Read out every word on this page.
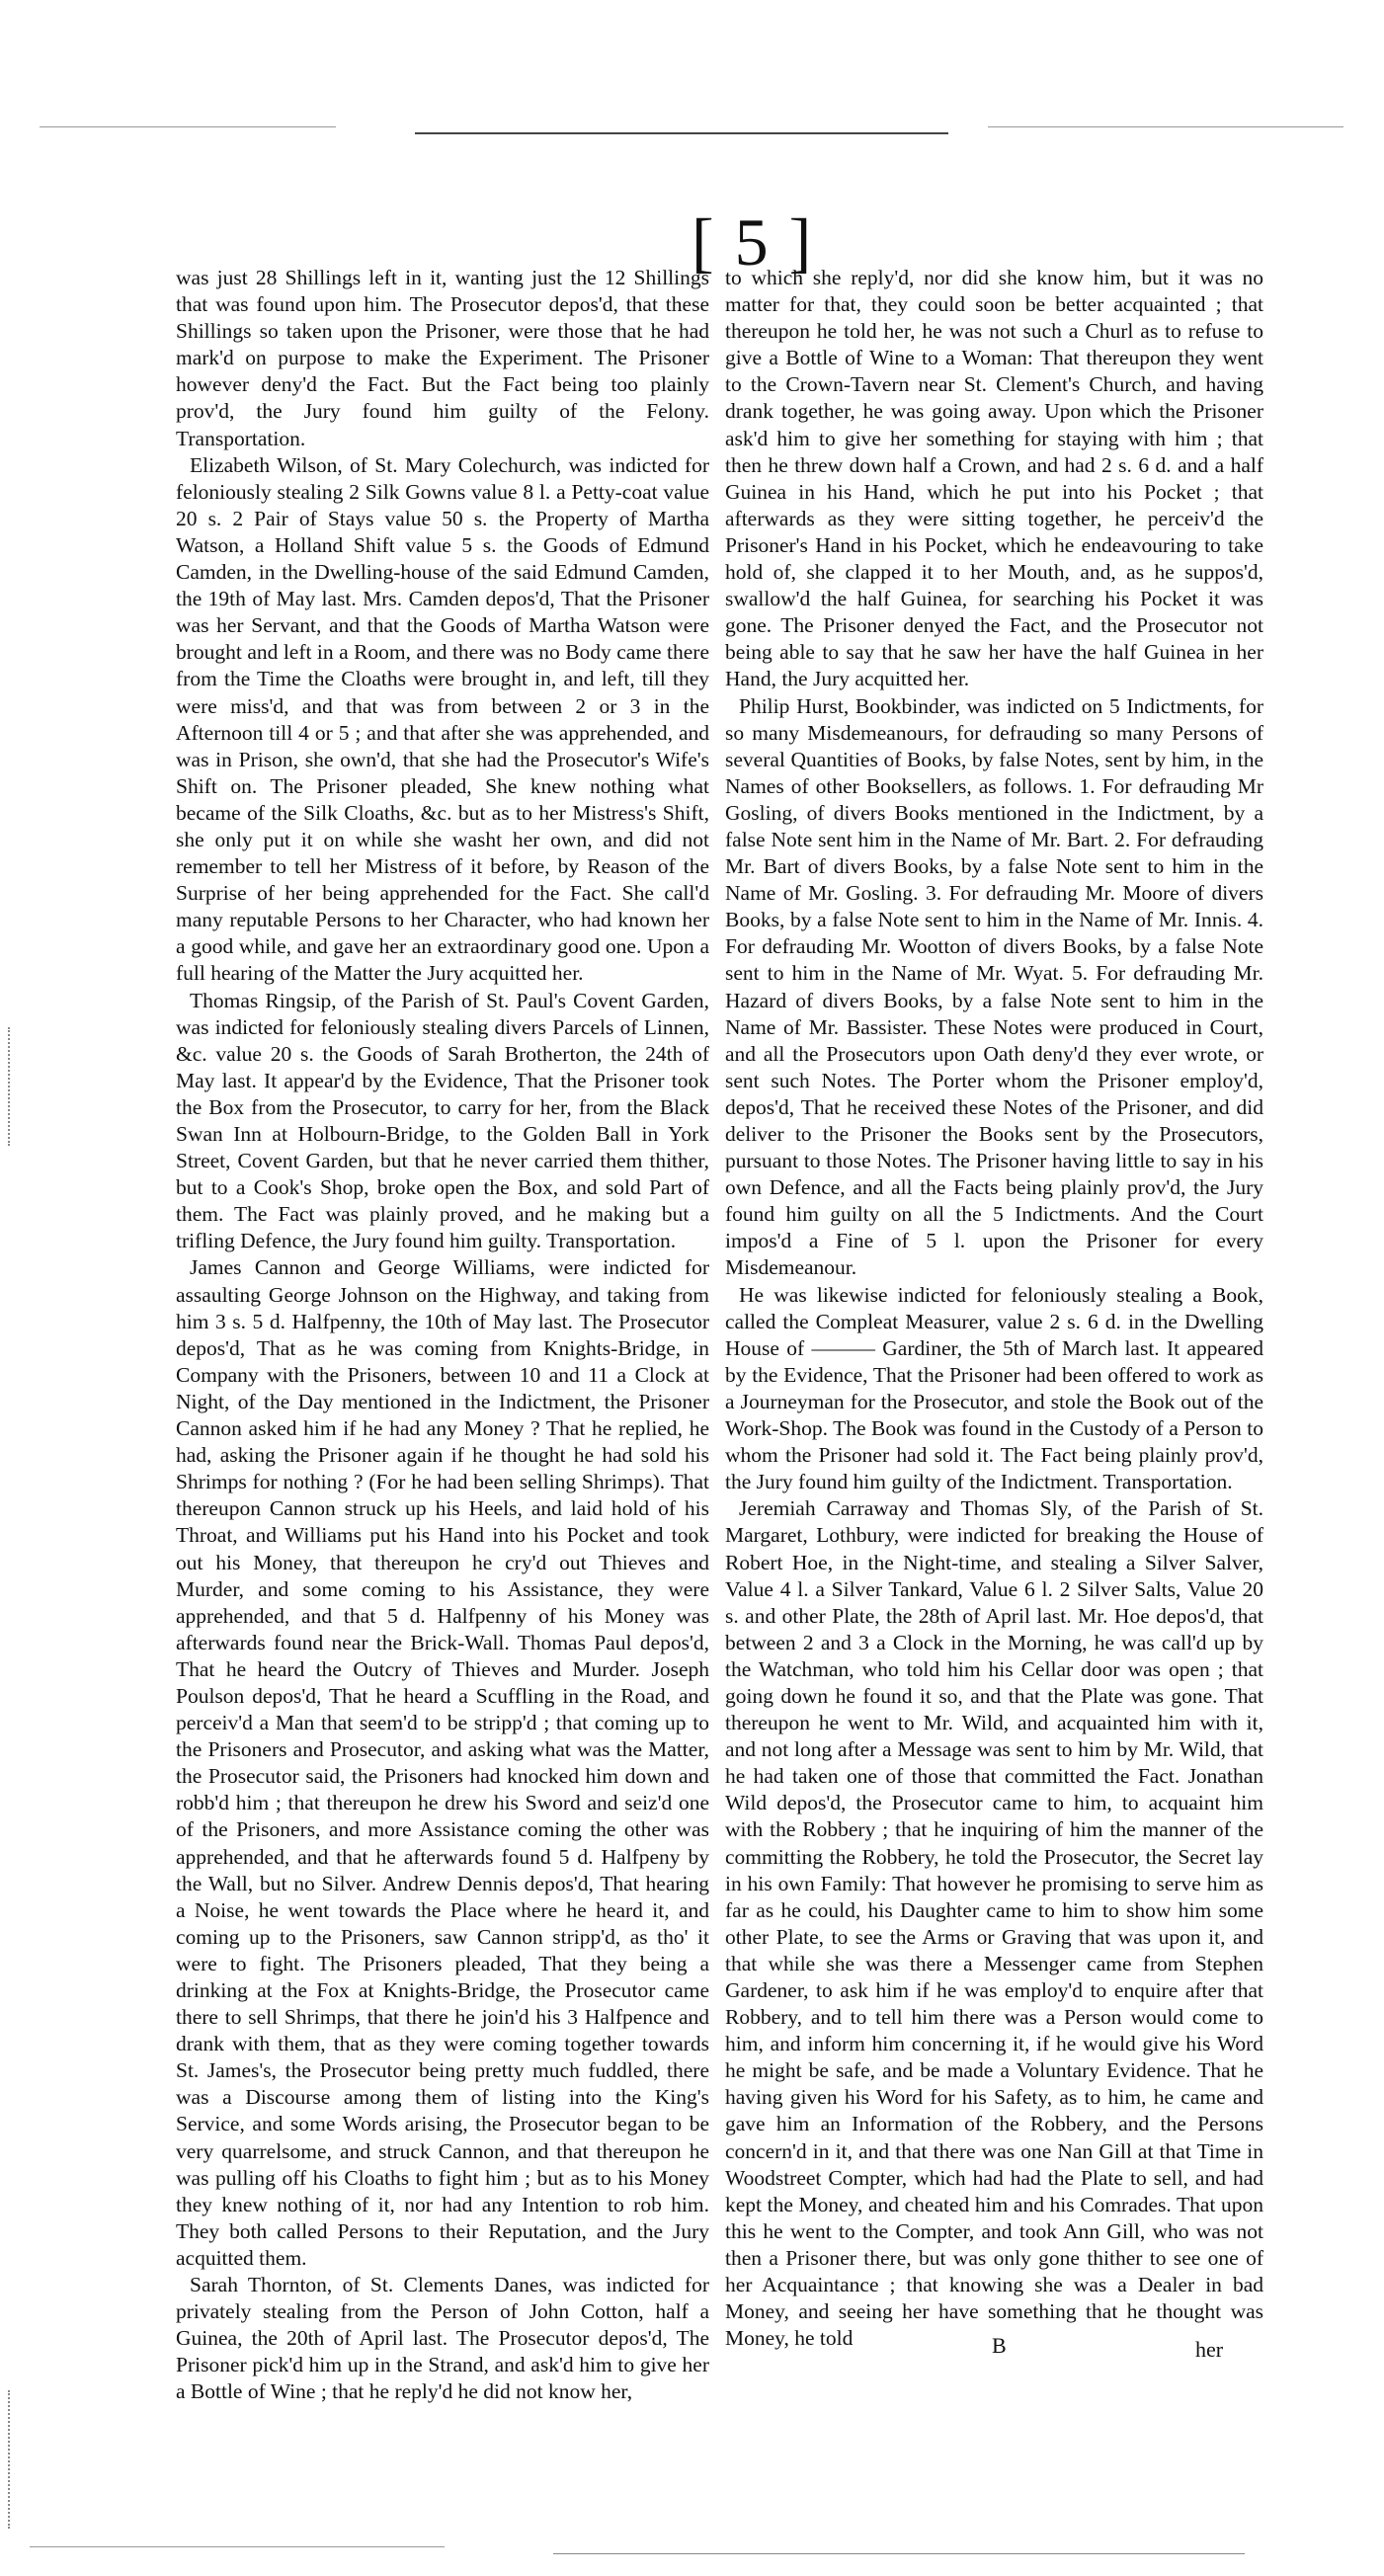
[ 5 ]

was just 28 Shillings left in it, wanting just the 12 Shillings that was found upon him. The Prosecutor depos'd, that these Shillings so taken upon the Prisoner, were those that he had mark'd on purpose to make the Experiment. The Prisoner however deny'd the Fact. But the Fact being too plainly prov'd, the Jury found him guilty of the Felony. Transportation.

Elizabeth Wilson, of St. Mary Colechurch, was indicted for feloniously stealing 2 Silk Gowns value 8 l. a Petty-coat value 20 s. 2 Pair of Stays value 50 s. the Property of Martha Watson, a Holland Shift value 5 s. the Goods of Edmund Camden, in the Dwelling-house of the said Edmund Camden, the 19th of May last. Mrs. Camden depos'd, That the Prisoner was her Servant, and that the Goods of Martha Watson were brought and left in a Room, and there was no Body came there from the Time the Cloaths were brought in, and left, till they were miss'd, and that was from between 2 or 3 in the Afternoon till 4 or 5 ; and that after she was apprehended, and was in Prison, she own'd, that she had the Prosecutor's Wife's Shift on. The Prisoner pleaded, She knew nothing what became of the Silk Cloaths, &c. but as to her Mistress's Shift, she only put it on while she washt her own, and did not remember to tell her Mistress of it before, by Reason of the Surprise of her being apprehended for the Fact. She call'd many reputable Persons to her Character, who had known her a good while, and gave her an extraordinary good one. Upon a full hearing of the Matter the Jury acquitted her.

Thomas Ringsip, of the Parish of St. Paul's Covent Garden, was indicted for feloniously stealing divers Parcels of Linnen, &c. value 20 s. the Goods of Sarah Brotherton, the 24th of May last. It appear'd by the Evidence, That the Prisoner took the Box from the Prosecutor, to carry for her, from the Black Swan Inn at Holbourn-Bridge, to the Golden Ball in York Street, Covent Garden, but that he never carried them thither, but to a Cook's Shop, broke open the Box, and sold Part of them. The Fact was plainly proved, and he making but a trifling Defence, the Jury found him guilty. Transportation.

James Cannon and George Williams, were indicted for assaulting George Johnson on the Highway, and taking from him 3 s. 5 d. Halfpenny, the 10th of May last. The Prosecutor depos'd, That as he was coming from Knights-Bridge, in Company with the Prisoners, between 10 and 11 a Clock at Night, of the Day mentioned in the Indictment, the Prisoner Cannon asked him if he had any Money ? That he replied, he had, asking the Prisoner again if he thought he had sold his Shrimps for nothing ? (For he had been selling Shrimps). That thereupon Cannon struck up his Heels, and laid hold of his Throat, and Williams put his Hand into his Pocket and took out his Money, that thereupon he cry'd out Thieves and Murder, and some coming to his Assistance, they were apprehended, and that 5 d. Halfpenny of his Money was afterwards found near the Brick-Wall. Thomas Paul depos'd, That he heard the Outcry of Thieves and Murder. Joseph Poulson depos'd, That he heard a Scuffling in the Road, and perceiv'd a Man that seem'd to be stripp'd ; that coming up to the Prisoners and Prosecutor, and asking what was the Matter, the Prosecutor said, the Prisoners had knocked him down and robb'd him ; that thereupon he drew his Sword and seiz'd one of the Prisoners, and more Assistance coming the other was apprehended, and that he afterwards found 5 d. Halfpeny by the Wall, but no Silver. Andrew Dennis depos'd, That hearing a Noise, he went towards the Place where he heard it, and coming up to the Prisoners, saw Cannon stripp'd, as tho' it were to fight. The Prisoners pleaded, That they being a drinking at the Fox at Knights-Bridge, the Prosecutor came there to sell Shrimps, that there he join'd his 3 Halfpence and drank with them, that as they were coming together towards St. James's, the Prosecutor being pretty much fuddled, there was a Discourse among them of listing into the King's Service, and some Words arising, the Prosecutor began to be very quarrelsome, and struck Cannon, and that thereupon he was pulling off his Cloaths to fight him ; but as to his Money they knew nothing of it, nor had any Intention to rob him. They both called Persons to their Reputation, and the Jury acquitted them.

Sarah Thornton, of St. Clements Danes, was indicted for privately stealing from the Person of John Cotton, half a Guinea, the 20th of April last. The Prosecutor depos'd, The Prisoner pick'd him up in the Strand, and ask'd him to give her a Bottle of Wine ; that he reply'd he did not know her,

to which she reply'd, nor did she know him, but it was no matter for that, they could soon be better acquainted ; that thereupon he told her, he was not such a Churl as to refuse to give a Bottle of Wine to a Woman: That thereupon they went to the Crown-Tavern near St. Clement's Church, and having drank together, he was going away. Upon which the Prisoner ask'd him to give her something for staying with him ; that then he threw down half a Crown, and had 2 s. 6 d. and a half Guinea in his Hand, which he put into his Pocket ; that afterwards as they were sitting together, he perceiv'd the Prisoner's Hand in his Pocket, which he endeavouring to take hold of, she clapped it to her Mouth, and, as he suppos'd, swallow'd the half Guinea, for searching his Pocket it was gone. The Prisoner denyed the Fact, and the Prosecutor not being able to say that he saw her have the half Guinea in her Hand, the Jury acquitted her.

Philip Hurst, Bookbinder, was indicted on 5 Indictments, for so many Misdemeanours, for defrauding so many Persons of several Quantities of Books, by false Notes, sent by him, in the Names of other Booksellers, as follows. 1. For defrauding Mr Gosling, of divers Books mentioned in the Indictment, by a false Note sent him in the Name of Mr. Bart. 2. For defrauding Mr. Bart of divers Books, by a false Note sent to him in the Name of Mr. Gosling. 3. For defrauding Mr. Moore of divers Books, by a false Note sent to him in the Name of Mr. Innis. 4. For defrauding Mr. Wootton of divers Books, by a false Note sent to him in the Name of Mr. Wyat. 5. For defrauding Mr. Hazard of divers Books, by a false Note sent to him in the Name of Mr. Bassister. These Notes were produced in Court, and all the Prosecutors upon Oath deny'd they ever wrote, or sent such Notes. The Porter whom the Prisoner employ'd, depos'd, That he received these Notes of the Prisoner, and did deliver to the Prisoner the Books sent by the Prosecutors, pursuant to those Notes. The Prisoner having little to say in his own Defence, and all the Facts being plainly prov'd, the Jury found him guilty on all the 5 Indictments. And the Court impos'd a Fine of 5 l. upon the Prisoner for every Misdemeanour.

He was likewise indicted for feloniously stealing a Book, called the Compleat Measurer, value 2 s. 6 d. in the Dwelling House of ——— Gardiner, the 5th of March last. It appeared by the Evidence, That the Prisoner had been offered to work as a Journeyman for the Prosecutor, and stole the Book out of the Work-Shop. The Book was found in the Custody of a Person to whom the Prisoner had sold it. The Fact being plainly prov'd, the Jury found him guilty of the Indictment. Transportation.

Jeremiah Carraway and Thomas Sly, of the Parish of St. Margaret, Lothbury, were indicted for breaking the House of Robert Hoe, in the Night-time, and stealing a Silver Salver, Value 4 l. a Silver Tankard, Value 6 l. 2 Silver Salts, Value 20 s. and other Plate, the 28th of April last. Mr. Hoe depos'd, that between 2 and 3 a Clock in the Morning, he was call'd up by the Watchman, who told him his Cellar door was open ; that going down he found it so, and that the Plate was gone. That thereupon he went to Mr. Wild, and acquainted him with it, and not long after a Message was sent to him by Mr. Wild, that he had taken one of those that committed the Fact. Jonathan Wild depos'd, the Prosecutor came to him, to acquaint him with the Robbery ; that he inquiring of him the manner of the committing the Robbery, he told the Prosecutor, the Secret lay in his own Family: That however he promising to serve him as far as he could, his Daughter came to him to show him some other Plate, to see the Arms or Graving that was upon it, and that while she was there a Messenger came from Stephen Gardener, to ask him if he was employ'd to enquire after that Robbery, and to tell him there was a Person would come to him, and inform him concerning it, if he would give his Word he might be safe, and be made a Voluntary Evidence. That he having given his Word for his Safety, as to him, he came and gave him an Information of the Robbery, and the Persons concern'd in it, and that there was one Nan Gill at that Time in Woodstreet Compter, which had had the Plate to sell, and had kept the Money, and cheated him and his Comrades. That upon this he went to the Compter, and took Ann Gill, who was not then a Prisoner there, but was only gone thither to see one of her Acquaintance ; that knowing she was a Dealer in bad Money, and seeing her have something that he thought was Money, he told	B	her
